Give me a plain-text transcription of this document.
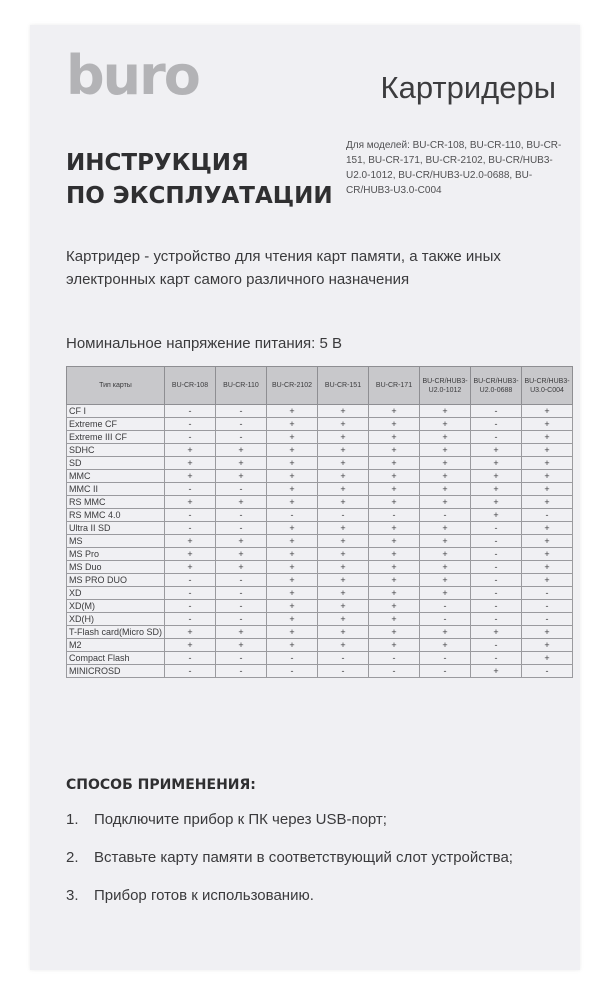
buro	Картридеры
ИНСТРУКЦИЯ
ПО ЭКСПЛУАТАЦИИ
Для моделей: BU-CR-108, BU-CR-110, BU-CR-151, BU-CR-171, BU-CR-2102, BU-CR/HUB3-U2.0-1012, BU-CR/HUB3-U2.0-0688, BU-CR/HUB3-U3.0-C004
Картридер - устройство для чтения карт памяти, а также иных электронных карт самого различного назначения
Номинальное напряжение питания: 5 В
Тип карты	BU-CR-108	BU-CR-110	BU-CR-2102	BU-CR-151	BU-CR-171	BU-CR/HUB3-U2.0-1012	BU-CR/HUB3-U2.0-0688	BU-CR/HUB3-U3.0-C004
CF I	-	-	+	+	+	+	-	+
Extreme CF	-	-	+	+	+	+	-	+
Extreme III CF	-	-	+	+	+	+	-	+
SDHC	+	+	+	+	+	+	+	+
SD	+	+	+	+	+	+	+	+
MMC	+	+	+	+	+	+	+	+
MMC II	-	-	+	+	+	+	+	+
RS MMC	+	+	+	+	+	+	+	+
RS MMC 4.0	-	-	-	-	-	-	+	-
Ultra II SD	-	-	+	+	+	+	-	+
MS	+	+	+	+	+	+	-	+
MS Pro	+	+	+	+	+	+	-	+
MS Duo	+	+	+	+	+	+	-	+
MS PRO DUO	-	-	+	+	+	+	-	+
XD	-	-	+	+	+	+	-	-
XD(M)	-	-	+	+	+	-	-	-
XD(H)	-	-	+	+	+	-	-	-
T-Flash card(Micro SD)	+	+	+	+	+	+	+	+
M2	+	+	+	+	+	+	-	+
Compact Flash	-	-	-	-	-	-	-	+
MINICROSD	-	-	-	-	-	-	+	-
СПОСОБ ПРИМЕНЕНИЯ:
1. Подключите прибор к ПК через USB-порт;
2. Вставьте карту памяти в соответствующий слот устройства;
3. Прибор готов к использованию.
